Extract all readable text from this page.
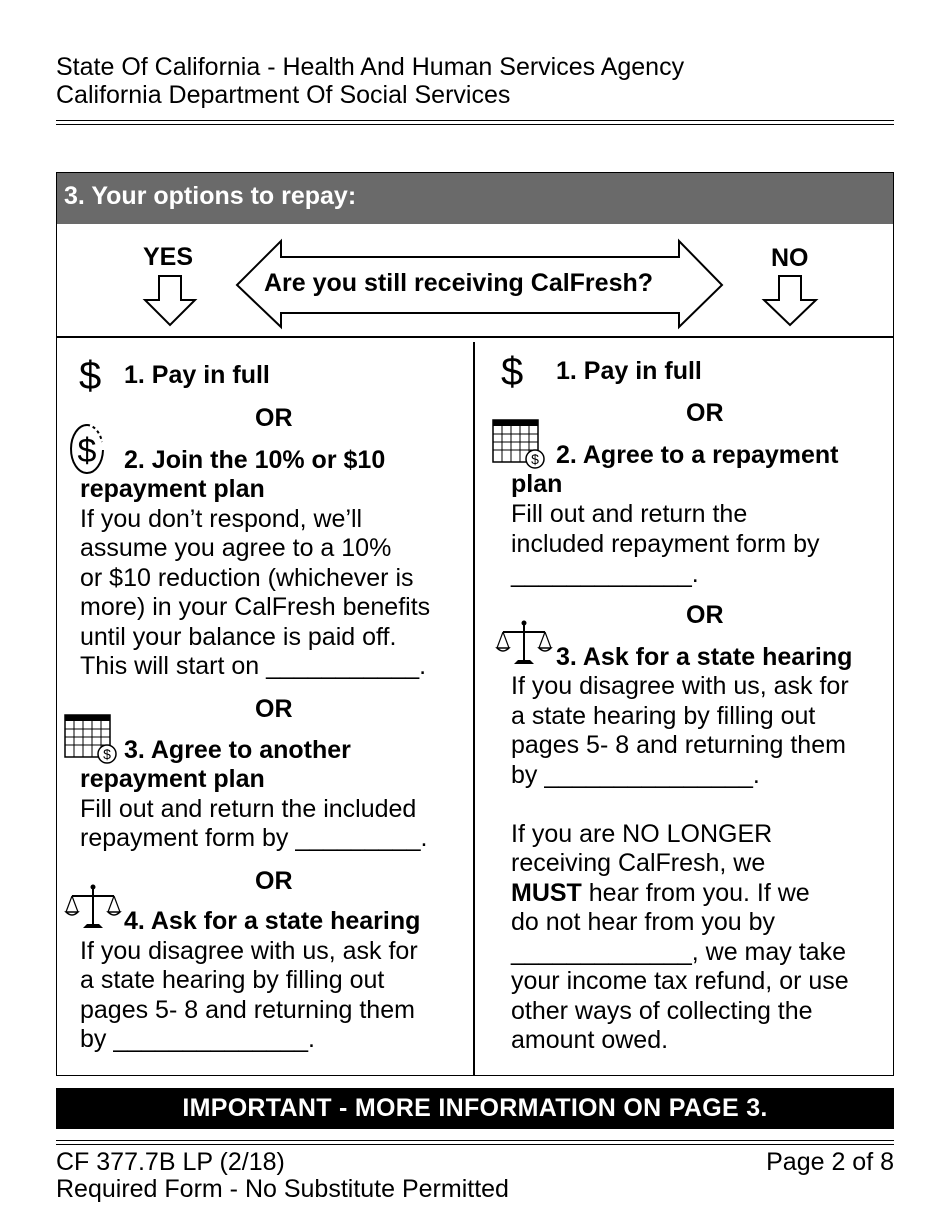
State Of California - Health And Human Services Agency
California Department Of Social Services
3. Your options to repay:
YES
Are you still receiving CalFresh?
NO
$ 1. Pay in full
OR
$ 2. Join the 10% or $10
repayment plan
If you don’t respond, we’ll
assume you agree to a 10%
or $10 reduction (whichever is
more) in your CalFresh benefits
until your balance is paid off.
This will start on ___________.
OR
$ 3. Agree to another
repayment plan
Fill out and return the included
repayment form by _________.
OR
4. Ask for a state hearing
If you disagree with us, ask for
a state hearing by filling out
pages 5- 8 and returning them
by ______________.
$ 1. Pay in full
OR
$ 2. Agree to a repayment
plan
Fill out and return the
included repayment form by
_____________.
OR
3. Ask for a state hearing
If you disagree with us, ask for
a state hearing by filling out
pages 5- 8 and returning them
by _______________.
If you are NO LONGER
receiving CalFresh, we
MUST hear from you. If we
do not hear from you by
_____________, we may take
your income tax refund, or use
other ways of collecting the
amount owed.
IMPORTANT - MORE INFORMATION ON PAGE 3.
CF 377.7B LP (2/18)	Page 2 of 8
Required Form - No Substitute Permitted
